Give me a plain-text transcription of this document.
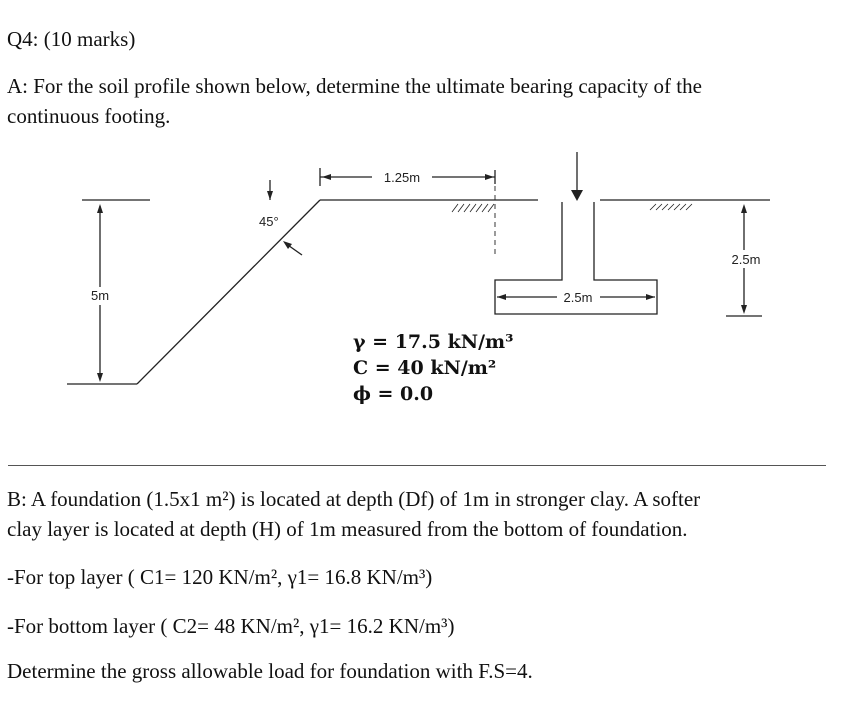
Q4: (10 marks)
A: For the soil profile shown below, determine the ultimate bearing capacity of the
continuous footing.
1.25m
45°
5m
2.5m
2.5m
γ = 17.5 kN/m³
C = 40 kN/m²
ϕ = 0.0
B: A foundation (1.5x1 m²) is located at depth (Df) of 1m in stronger clay. A softer
clay layer is located at depth (H) of 1m measured from the bottom of foundation.
-For top layer ( C1= 120 KN/m², γ1= 16.8 KN/m³)
-For bottom layer ( C2= 48 KN/m², γ1= 16.2 KN/m³)
Determine the gross allowable load for foundation with F.S=4.
